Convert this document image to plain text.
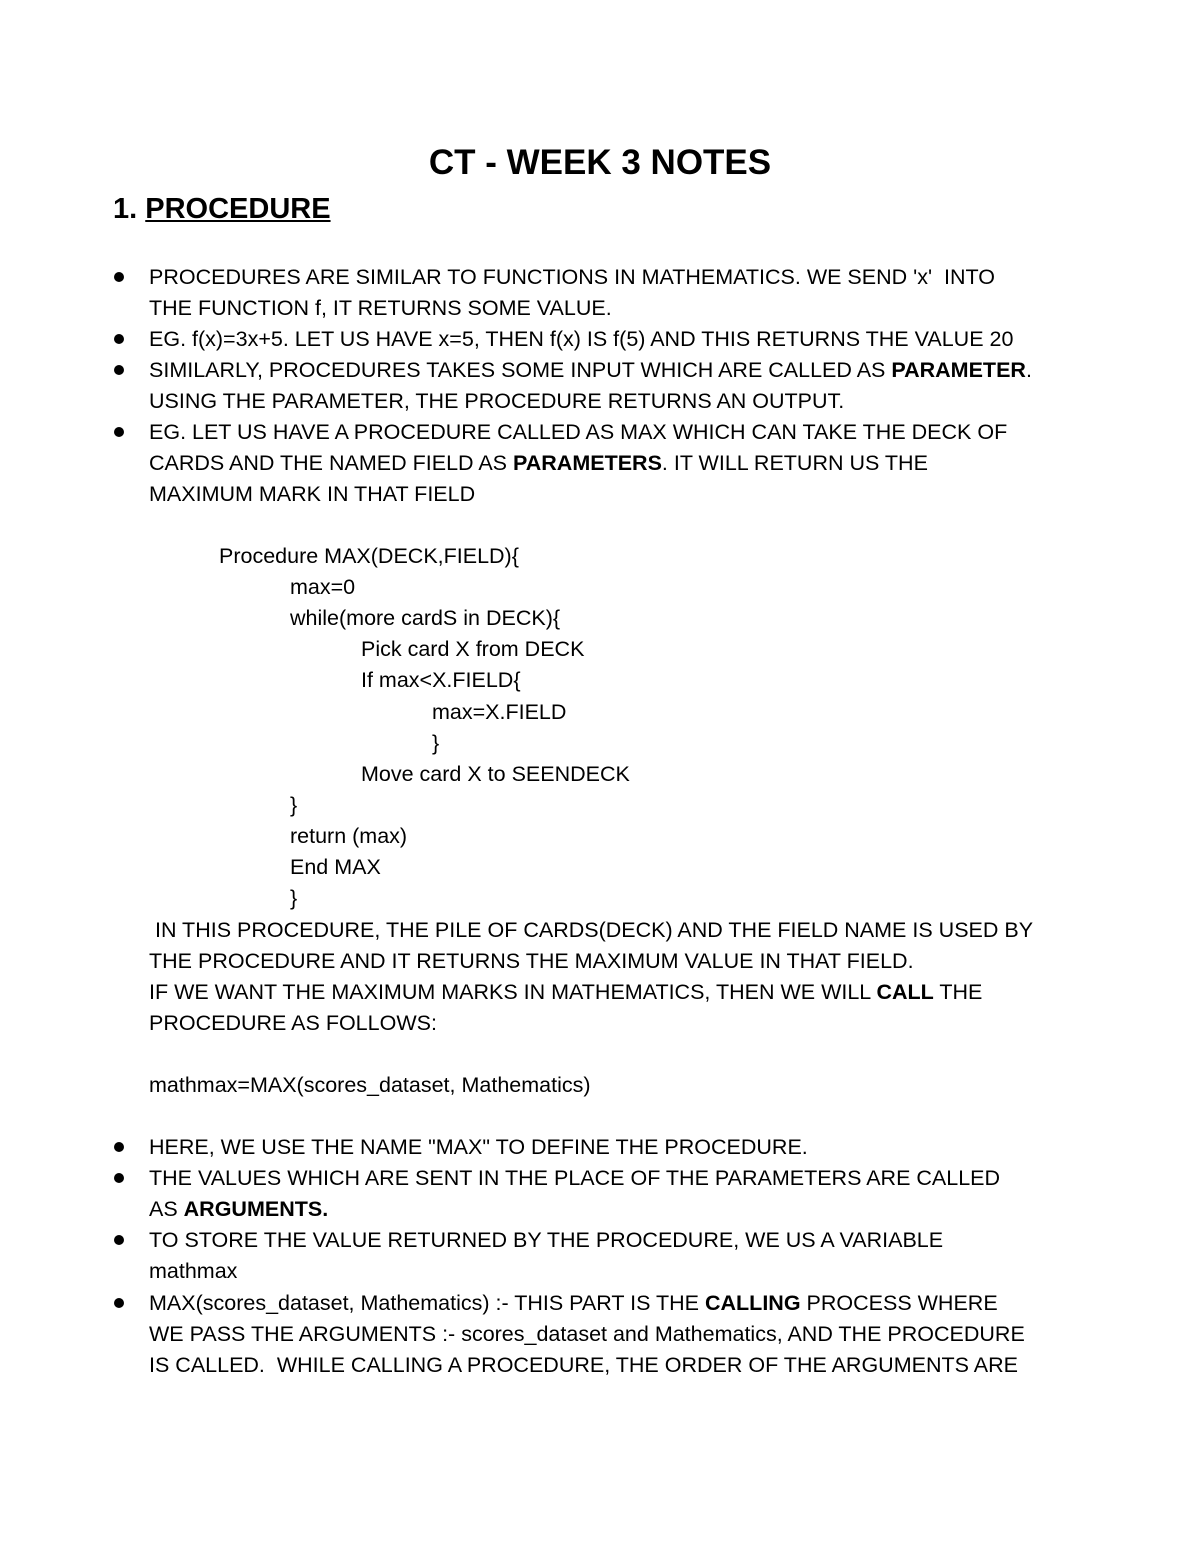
CT - WEEK 3 NOTES
1. PROCEDURE
PROCEDURES ARE SIMILAR TO FUNCTIONS IN MATHEMATICS. WE SEND 'x'  INTO
THE FUNCTION f, IT RETURNS SOME VALUE.
EG. f(x)=3x+5. LET US HAVE x=5, THEN f(x) IS f(5) AND THIS RETURNS THE VALUE 20
SIMILARLY, PROCEDURES TAKES SOME INPUT WHICH ARE CALLED AS PARAMETER.
USING THE PARAMETER, THE PROCEDURE RETURNS AN OUTPUT.
EG. LET US HAVE A PROCEDURE CALLED AS MAX WHICH CAN TAKE THE DECK OF
CARDS AND THE NAMED FIELD AS PARAMETERS. IT WILL RETURN US THE
MAXIMUM MARK IN THAT FIELD
Procedure MAX(DECK,FIELD){
max=0
while(more cardS in DECK){
Pick card X from DECK
If max<X.FIELD{
max=X.FIELD
}
Move card X to SEENDECK
}
return (max)
End MAX
}
IN THIS PROCEDURE, THE PILE OF CARDS(DECK) AND THE FIELD NAME IS USED BY
THE PROCEDURE AND IT RETURNS THE MAXIMUM VALUE IN THAT FIELD.
IF WE WANT THE MAXIMUM MARKS IN MATHEMATICS, THEN WE WILL CALL THE
PROCEDURE AS FOLLOWS:
mathmax=MAX(scores_dataset, Mathematics)
HERE, WE USE THE NAME "MAX" TO DEFINE THE PROCEDURE.
THE VALUES WHICH ARE SENT IN THE PLACE OF THE PARAMETERS ARE CALLED
AS ARGUMENTS.
TO STORE THE VALUE RETURNED BY THE PROCEDURE, WE US A VARIABLE
mathmax
MAX(scores_dataset, Mathematics) :- THIS PART IS THE CALLING PROCESS WHERE
WE PASS THE ARGUMENTS :- scores_dataset and Mathematics, AND THE PROCEDURE
IS CALLED.  WHILE CALLING A PROCEDURE, THE ORDER OF THE ARGUMENTS ARE
